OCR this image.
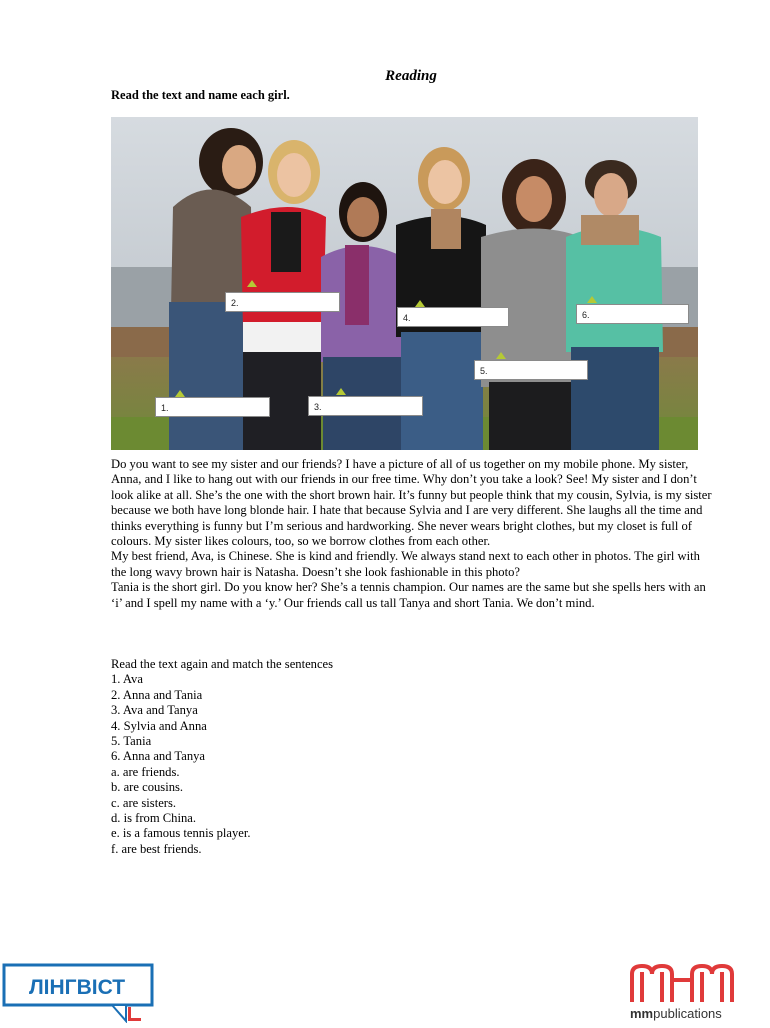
Reading
Read the text and name each girl.
2.
4.	6.
5.
1.	3.

Do you want to see my sister and our friends? I have a picture of all of us together on my mobile phone. My sister, Anna, and I like to hang out with our friends in our free time. Why don’t you take a look? See! My sister and I don’t look alike at all. She’s the one with the short brown hair. It’s funny but people think that my cousin, Sylvia, is my sister because we both have long blonde hair. I hate that because Sylvia and I are very different. She laughs all the time and thinks everything is funny but I’m serious and hardworking. She never wears bright clothes, but my closet is full of colours. My sister likes colours, too, so we borrow clothes from each other.

My best friend, Ava, is Chinese. She is kind and friendly. We always stand next to each other in photos. The girl with the long wavy brown hair is Natasha. Doesn’t she look fashionable in this photo?

Tania is the short girl. Do you know her? She’s a tennis champion. Our names are the same but she spells hers with an ‘i’ and I spell my name with a ‘y.’ Our friends call us tall Tanya and short Tania. We don’t mind.

Read the text again and match the sentences
1. Ava
2. Anna and Tania
3. Ava and Tanya
4. Sylvia and Anna
5. Tania
6. Anna and Tanya
a. are friends.
b. are cousins.
c. are sisters.
d. is from China.
e. is a famous tennis player.
f. are best friends.
ЛІНГВІСТ
mmpublications
